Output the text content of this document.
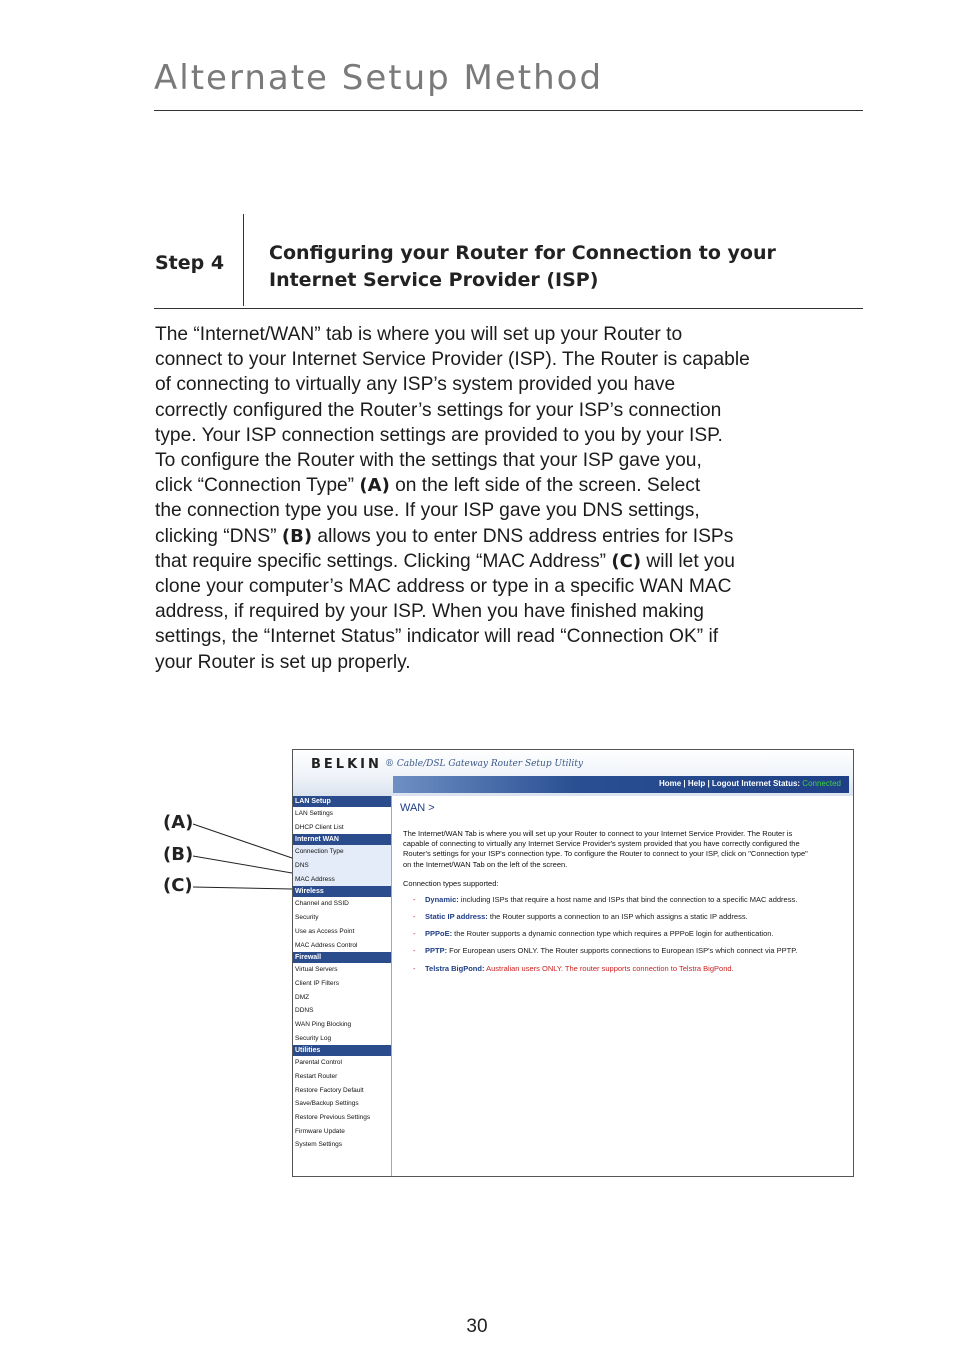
Alternate Setup Method
Step 4 Configuring your Router for Connection to your
Internet Service Provider (ISP)
The “Internet/WAN” tab is where you will set up your Router to
connect to your Internet Service Provider (ISP). The Router is capable
of connecting to virtually any ISP’s system provided you have
correctly configured the Router’s settings for your ISP’s connection
type. Your ISP connection settings are provided to you by your ISP.
To configure the Router with the settings that your ISP gave you,
click “Connection Type” (A) on the left side of the screen. Select
the connection type you use. If your ISP gave you DNS settings,
clicking “DNS” (B) allows you to enter DNS address entries for ISPs
that require specific settings. Clicking “MAC Address” (C) will let you
clone your computer’s MAC address or type in a specific WAN MAC
address, if required by your ISP. When you have finished making
settings, the “Internet Status” indicator will read “Connection OK” if
your Router is set up properly.
(A)
(B)
(C)
BELKIN ® Cable/DSL Gateway Router Setup Utility
Home | Help | Logout Internet Status: Connected
LAN Setup
LAN Settings
DHCP Client List
Internet WAN
Connection Type
DNS
MAC Address
Wireless
Channel and SSID
Security
Use as Access Point
MAC Address Control
Firewall
Virtual Servers
Client IP Filters
DMZ
DDNS
WAN Ping Blocking
Security Log
Utilities
Parental Control
Restart Router
Restore Factory Default
Save/Backup Settings
Restore Previous Settings
Firmware Update
System Settings
WAN >
The Internet/WAN Tab is where you will set up your Router to connect to your Internet Service Provider. The Router is capable of connecting to virtually any Internet Service Provider's system provided that you have correctly configured the Router's settings for your ISP's connection type. To configure the Router to connect to your ISP, click on "Connection type" on the Internet/WAN Tab on the left of the screen.
Connection types supported:
- Dynamic: including ISPs that require a host name and ISPs that bind the connection to a specific MAC address.
- Static IP address: the Router supports a connection to an ISP which assigns a static IP address.
- PPPoE: the Router supports a dynamic connection type which requires a PPPoE login for authentication.
- PPTP: For European users ONLY. The Router supports connections to European ISP's which connect via PPTP.
- Telstra BigPond: Australian users ONLY. The router supports connection to Telstra BigPond.
30
